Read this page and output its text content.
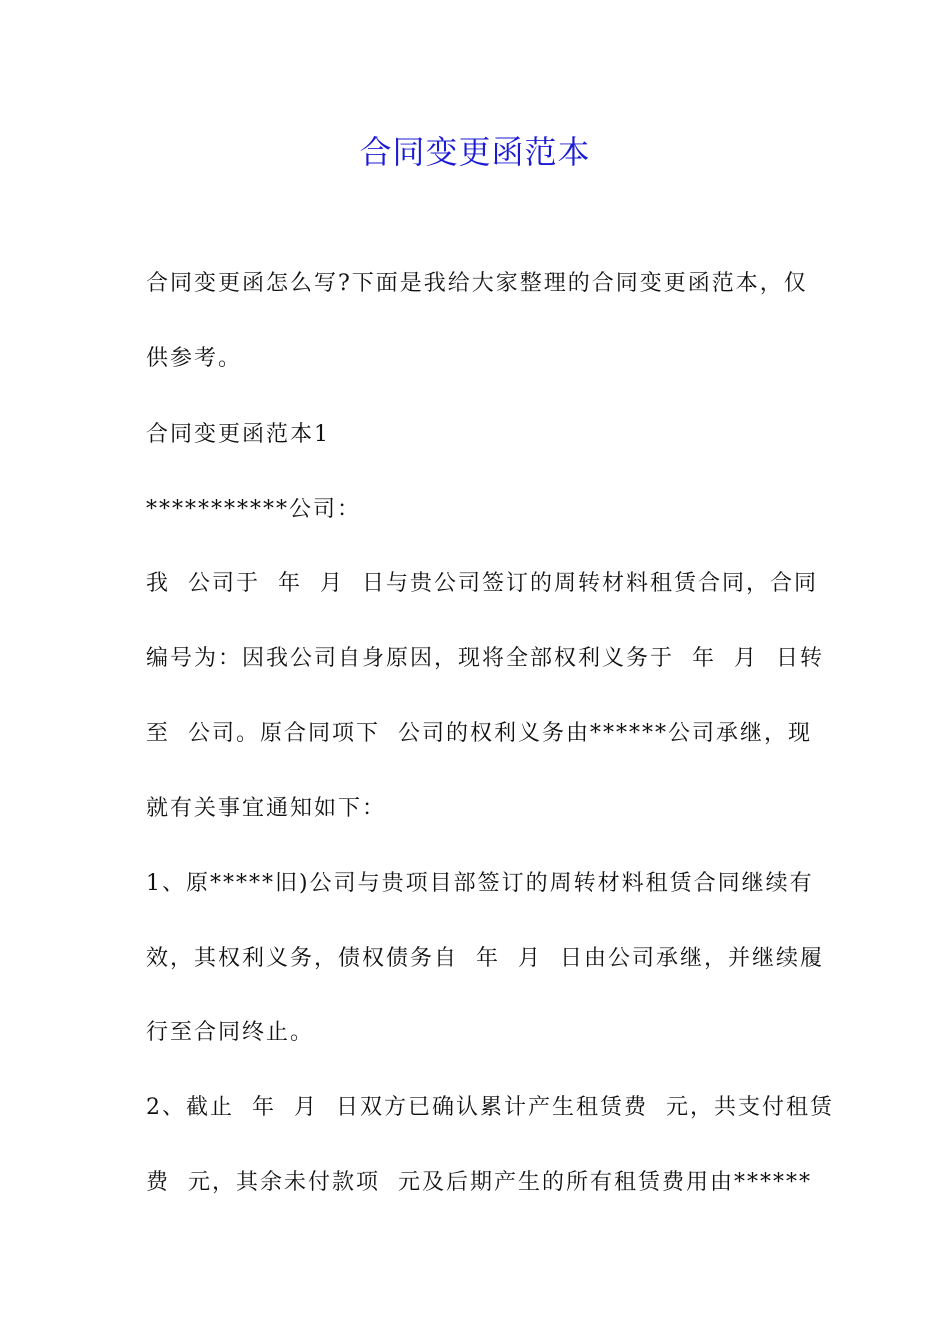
合同变更函范本
合同变更函怎么写?下面是我给大家整理的合同变更函范本，仅
供参考。
合同变更函范本1
***********公司：
我  公司于  年  月  日与贵公司签订的周转材料租赁合同，合同
编号为：因我公司自身原因，现将全部权利义务于  年  月  日转
至  公司。原合同项下  公司的权利义务由******公司承继，现
就有关事宜通知如下：
1、原*****旧)公司与贵项目部签订的周转材料租赁合同继续有
效，其权利义务，债权债务自  年  月  日由公司承继，并继续履
行至合同终止。
2、截止  年  月  日双方已确认累计产生租赁费  元，共支付租赁
费  元，其余未付款项  元及后期产生的所有租赁费用由******
